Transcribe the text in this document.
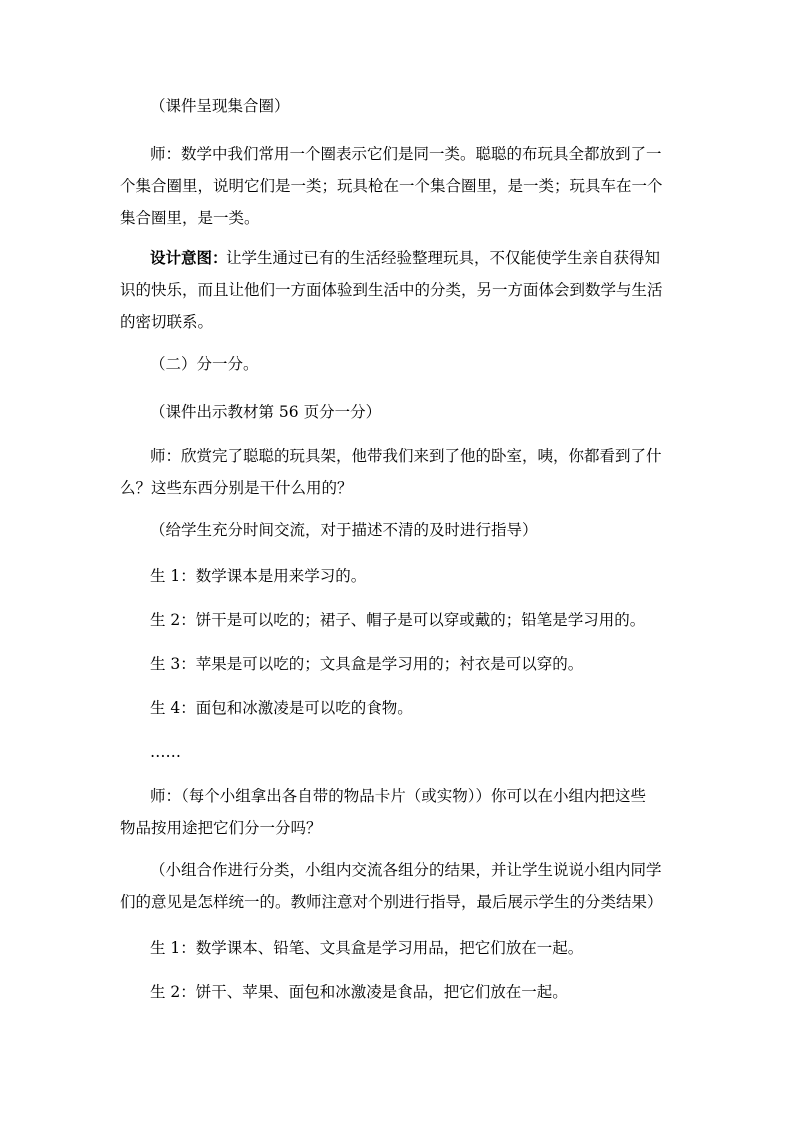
（课件呈现集合圈）
师：数学中我们常用一个圈表示它们是同一类。聪聪的布玩具全都放到了一
个集合圈里，说明它们是一类；玩具枪在一个集合圈里，是一类；玩具车在一个
集合圈里，是一类。
设计意图：
让学生通过已有的生活经验整理玩具，不仅能使学生亲自获得知
识的快乐，而且让他们一方面体验到生活中的分类，另一方面体会到数学与生活
的密切联系。
（二）分一分。
（课件出示教材第 56 页分一分）
师：欣赏完了聪聪的玩具架，他带我们来到了他的卧室，咦，你都看到了什
么？这些东西分别是干什么用的？
（给学生充分时间交流，对于描述不清的及时进行指导）
生 1：数学课本是用来学习的。
生 2：饼干是可以吃的；裙子、帽子是可以穿或戴的；铅笔是学习用的。
生 3：苹果是可以吃的；文具盒是学习用的；衬衣是可以穿的。
生 4：面包和冰激凌是可以吃的食物。
……
师：（每个小组拿出各自带的物品卡片（或实物））你可以在小组内把这些
物品按用途把它们分一分吗？
（小组合作进行分类，小组内交流各组分的结果，并让学生说说小组内同学
们的意见是怎样统一的。教师注意对个别进行指导，最后展示学生的分类结果）
生 1：数学课本、铅笔、文具盒是学习用品，把它们放在一起。
生 2：饼干、苹果、面包和冰激凌是食品，把它们放在一起。
